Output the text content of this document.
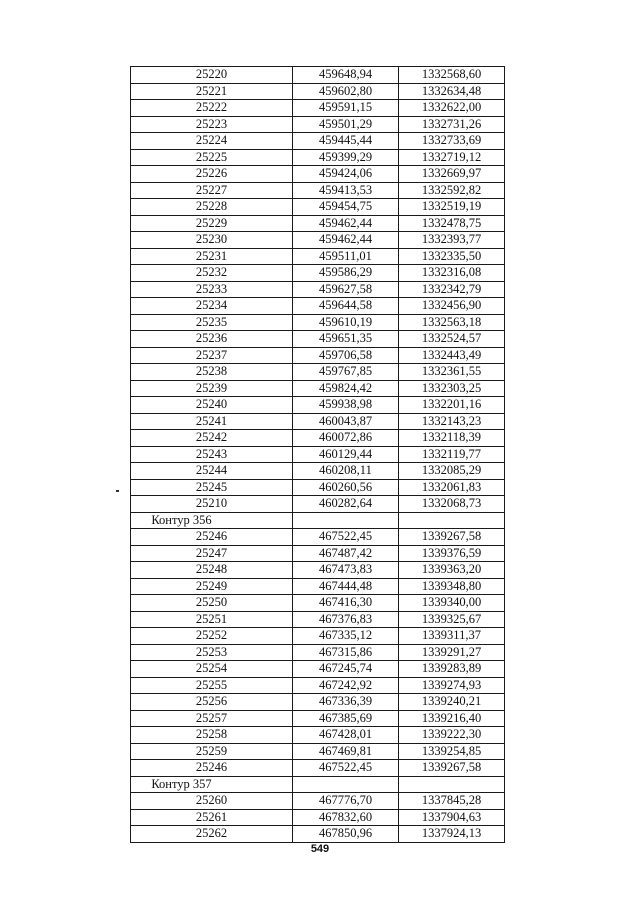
25220	459648,94	1332568,60
25221	459602,80	1332634,48
25222	459591,15	1332622,00
25223	459501,29	1332731,26
25224	459445,44	1332733,69
25225	459399,29	1332719,12
25226	459424,06	1332669,97
25227	459413,53	1332592,82
25228	459454,75	1332519,19
25229	459462,44	1332478,75
25230	459462,44	1332393,77
25231	459511,01	1332335,50
25232	459586,29	1332316,08
25233	459627,58	1332342,79
25234	459644,58	1332456,90
25235	459610,19	1332563,18
25236	459651,35	1332524,57
25237	459706,58	1332443,49
25238	459767,85	1332361,55
25239	459824,42	1332303,25
25240	459938,98	1332201,16
25241	460043,87	1332143,23
25242	460072,86	1332118,39
25243	460129,44	1332119,77
25244	460208,11	1332085,29
25245	460260,56	1332061,83
25210	460282,64	1332068,73
Контур 356		
25246	467522,45	1339267,58
25247	467487,42	1339376,59
25248	467473,83	1339363,20
25249	467444,48	1339348,80
25250	467416,30	1339340,00
25251	467376,83	1339325,67
25252	467335,12	1339311,37
25253	467315,86	1339291,27
25254	467245,74	1339283,89
25255	467242,92	1339274,93
25256	467336,39	1339240,21
25257	467385,69	1339216,40
25258	467428,01	1339222,30
25259	467469,81	1339254,85
25246	467522,45	1339267,58
Контур 357		
25260	467776,70	1337845,28
25261	467832,60	1337904,63
25262	467850,96	1337924,13
549
